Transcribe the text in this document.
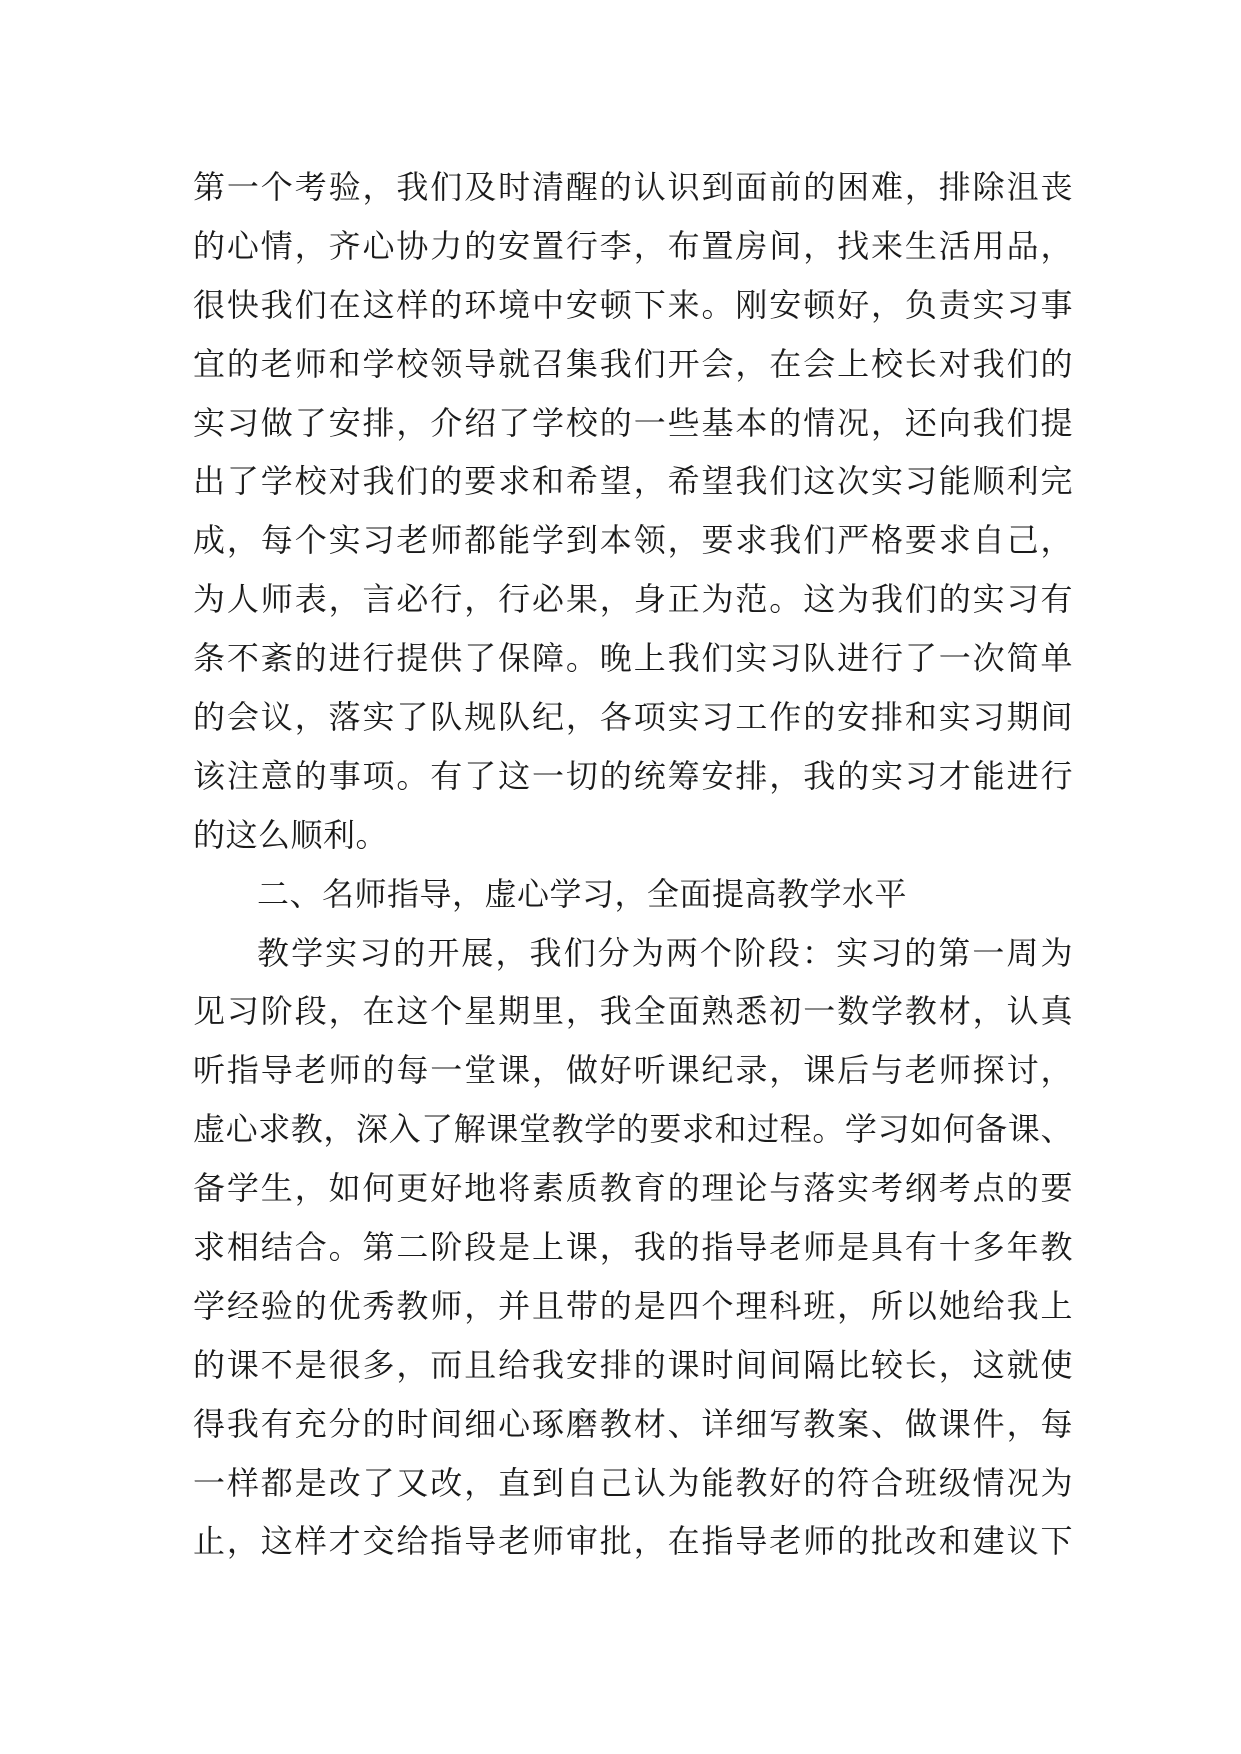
第一个考验，我们及时清醒的认识到面前的困难，排除沮丧
的心情，齐心协力的安置行李，布置房间，找来生活用品，
很快我们在这样的环境中安顿下来。刚安顿好，负责实习事
宜的老师和学校领导就召集我们开会，在会上校长对我们的
实习做了安排，介绍了学校的一些基本的情况，还向我们提
出了学校对我们的要求和希望，希望我们这次实习能顺利完
成，每个实习老师都能学到本领，要求我们严格要求自己，
为人师表，言必行，行必果，身正为范。这为我们的实习有
条不紊的进行提供了保障。晚上我们实习队进行了一次简单
的会议，落实了队规队纪，各项实习工作的安排和实习期间
该注意的事项。有了这一切的统筹安排，我的实习才能进行
的这么顺利。
二、名师指导，虚心学习，全面提高教学水平
教学实习的开展，我们分为两个阶段：实习的第一周为
见习阶段，在这个星期里，我全面熟悉初一数学教材，认真
听指导老师的每一堂课，做好听课纪录，课后与老师探讨，
虚心求教，深入了解课堂教学的要求和过程。学习如何备课、
备学生，如何更好地将素质教育的理论与落实考纲考点的要
求相结合。第二阶段是上课，我的指导老师是具有十多年教
学经验的优秀教师，并且带的是四个理科班，所以她给我上
的课不是很多，而且给我安排的课时间间隔比较长，这就使
得我有充分的时间细心琢磨教材、详细写教案、做课件，每
一样都是改了又改，直到自己认为能教好的符合班级情况为
止，这样才交给指导老师审批，在指导老师的批改和建议下
